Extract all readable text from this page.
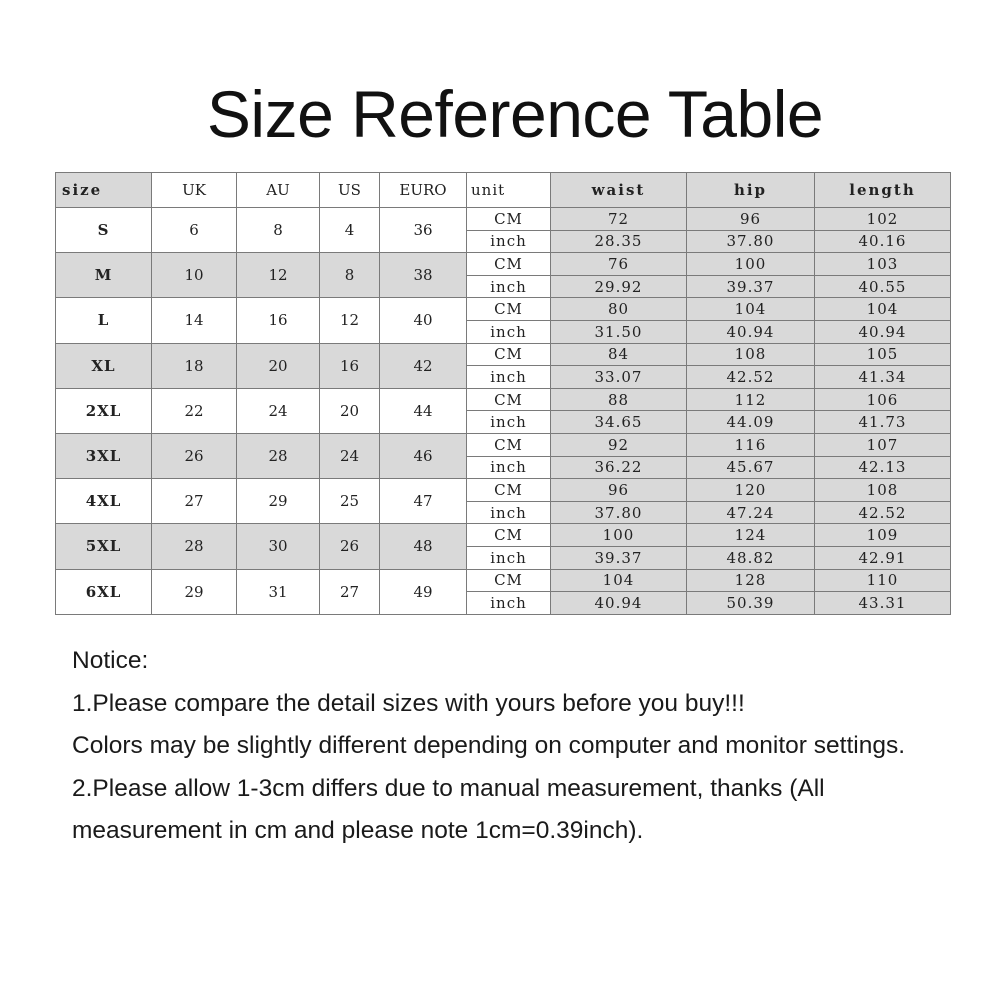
Size Reference Table
size	UK	AU	US	EURO	unit	waist	hip	length
S	6	8	4	36	CM	72	96	102
					inch	28.35	37.80	40.16
M	10	12	8	38	CM	76	100	103
					inch	29.92	39.37	40.55
L	14	16	12	40	CM	80	104	104
					inch	31.50	40.94	40.94
XL	18	20	16	42	CM	84	108	105
					inch	33.07	42.52	41.34
2XL	22	24	20	44	CM	88	112	106
					inch	34.65	44.09	41.73
3XL	26	28	24	46	CM	92	116	107
					inch	36.22	45.67	42.13
4XL	27	29	25	47	CM	96	120	108
					inch	37.80	47.24	42.52
5XL	28	30	26	48	CM	100	124	109
					inch	39.37	48.82	42.91
6XL	29	31	27	49	CM	104	128	110
					inch	40.94	50.39	43.31

Notice:

1.Please compare the detail sizes with yours before you buy!!!

Colors may be slightly different depending on computer and monitor settings.

2.Please allow 1-3cm differs due to manual measurement, thanks (All measurement in cm and please note 1cm=0.39inch).
